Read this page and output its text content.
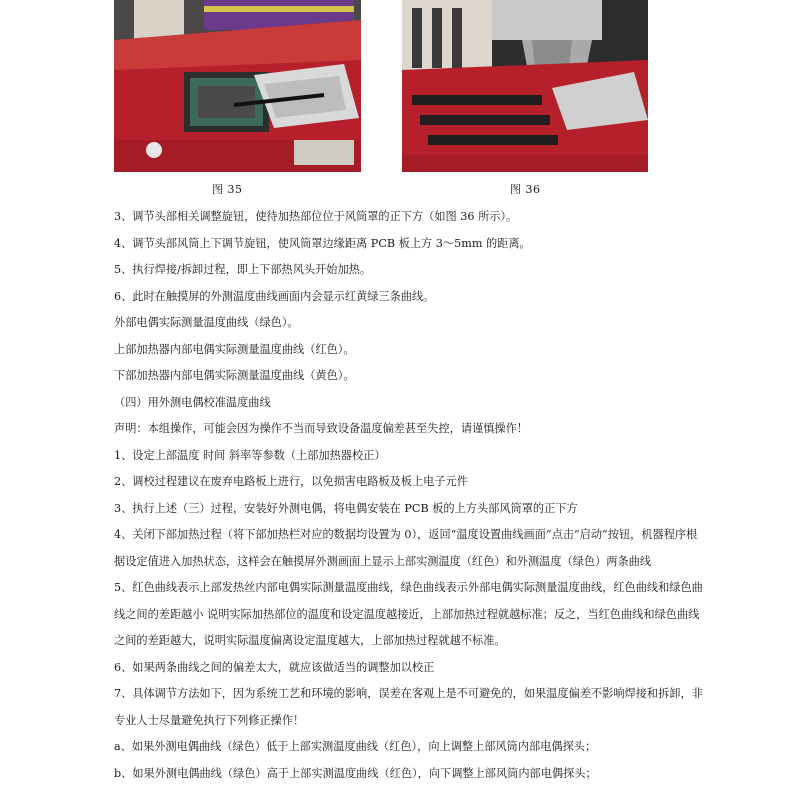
图 35	图 36

3、调节头部相关调整旋钮，使待加热部位位于风筒罩的正下方（如图 36 所示）。

4、调节头部风筒上下调节旋钮，使风筒罩边缘距离 PCB 板上方 3～5mm 的距离。

5、执行焊接/拆卸过程，即上下部热风头开始加热。

6、此时在触摸屏的外测温度曲线画面内会显示红黄绿三条曲线。

外部电偶实际测量温度曲线（绿色）。

上部加热器内部电偶实际测量温度曲线（红色）。

下部加热器内部电偶实际测量温度曲线（黄色）。

（四）用外测电偶校准温度曲线

声明：本组操作，可能会因为操作不当而导致设备温度偏差甚至失控，请谨慎操作！

1、设定上部温度 时间 斜率等参数（上部加热器校正）

2、调校过程建议在废弃电路板上进行，以免损害电路板及板上电子元件

3、执行上述（三）过程，安装好外测电偶，将电偶安装在 PCB 板的上方头部风筒罩的正下方

4、关闭下部加热过程（将下部加热栏对应的数据均设置为 0），返回“温度设置曲线画面”点击“启动”按钮，机器程序根据设定值进入加热状态，这样会在触摸屏外测画面上显示上部实测温度（红色）和外测温度（绿色）两条曲线

5、红色曲线表示上部发热丝内部电偶实际测量温度曲线，绿色曲线表示外部电偶实际测量温度曲线，红色曲线和绿色曲线之间的差距越小 说明实际加热部位的温度和设定温度越接近，上部加热过程就越标准；反之，当红色曲线和绿色曲线之间的差距越大，说明实际温度偏离设定温度越大，上部加热过程就越不标准。

6、如果两条曲线之间的偏差太大，就应该做适当的调整加以校正

7、具体调节方法如下，因为系统工艺和环境的影响，误差在客观上是不可避免的，如果温度偏差不影响焊接和拆卸，非专业人士尽量避免执行下列修正操作！

a、如果外测电偶曲线（绿色）低于上部实测温度曲线（红色），向上调整上部风筒内部电偶探头；

b、如果外测电偶曲线（绿色）高于上部实测温度曲线（红色），向下调整上部风筒内部电偶探头；
